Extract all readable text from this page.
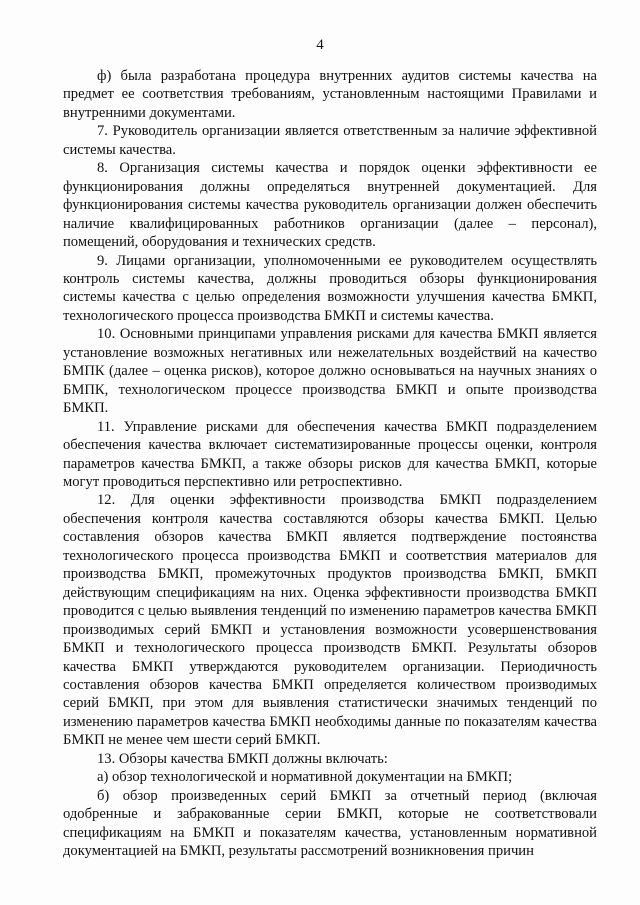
4

ф) была разработана процедура внутренних аудитов системы качества на предмет ее соответствия требованиям, установленным настоящими Правилами и внутренними документами.

7. Руководитель организации является ответственным за наличие эффективной системы качества.

8. Организация системы качества и порядок оценки эффективности ее функционирования должны определяться внутренней документацией. Для функционирования системы качества руководитель организации должен обеспечить наличие квалифицированных работников организации (далее – персонал), помещений, оборудования и технических средств.

9. Лицами организации, уполномоченными ее руководителем осуществлять контроль системы качества, должны проводиться обзоры функционирования системы качества с целью определения возможности улучшения качества БМКП, технологического процесса производства БМКП и системы качества.

10. Основными принципами управления рисками для качества БМКП является установление возможных негативных или нежелательных воздействий на качество БМПК (далее – оценка рисков), которое должно основываться на научных знаниях о БМПК, технологическом процессе производства БМКП и опыте производства БМКП.

11. Управление рисками для обеспечения качества БМКП подразделением обеспечения качества включает систематизированные процессы оценки, контроля параметров качества БМКП, а также обзоры рисков для качества БМКП, которые могут проводиться перспективно или ретроспективно.

12. Для оценки эффективности производства БМКП подразделением обеспечения контроля качества составляются обзоры качества БМКП. Целью составления обзоров качества БМКП является подтверждение постоянства технологического процесса производства БМКП и соответствия материалов для производства БМКП, промежуточных продуктов производства БМКП, БМКП действующим спецификациям на них. Оценка эффективности производства БМКП проводится с целью выявления тенденций по изменению параметров качества БМКП производимых серий БМКП и установления возможности усовершенствования БМКП и технологического процесса производств БМКП. Результаты обзоров качества БМКП утверждаются руководителем организации. Периодичность составления обзоров качества БМКП определяется количеством производимых серий БМКП, при этом для выявления статистически значимых тенденций по изменению параметров качества БМКП необходимы данные по показателям качества БМКП не менее чем шести серий БМКП.

13. Обзоры качества БМКП должны включать:

а) обзор технологической и нормативной документации на БМКП;

б) обзор произведенных серий БМКП за отчетный период (включая одобренные и забракованные серии БМКП, которые не соответствовали спецификациям на БМКП и показателям качества, установленным нормативной документацией на БМКП, результаты рассмотрений возникновения причин
